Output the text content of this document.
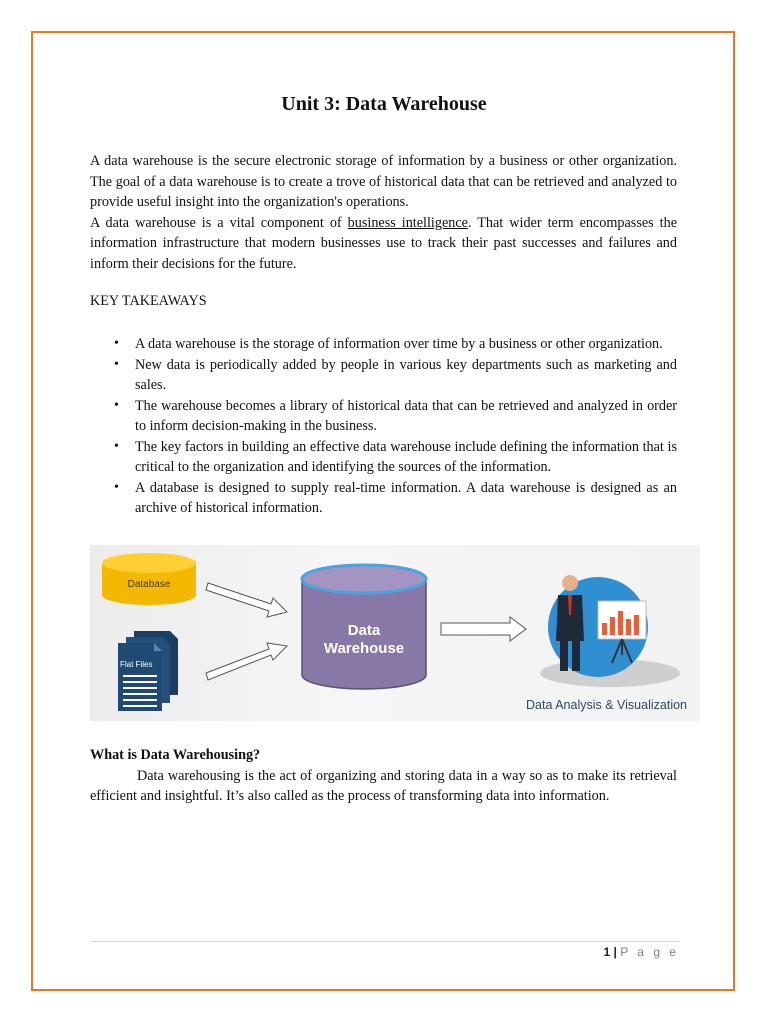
Unit 3: Data Warehouse

A data warehouse is the secure electronic storage of information by a business or other organization. The goal of a data warehouse is to create a trove of historical data that can be retrieved and analyzed to provide useful insight into the organization's operations.

A data warehouse is a vital component of business intelligence. That wider term encompasses the information infrastructure that modern businesses use to track their past successes and failures and inform their decisions for the future.

KEY TAKEAWAYS
• A data warehouse is the storage of information over time by a business or other organization.
• New data is periodically added by people in various key departments such as marketing and sales.
• The warehouse becomes a library of historical data that can be retrieved and analyzed in order to inform decision-making in the business.
• The key factors in building an effective data warehouse include defining the information that is critical to the organization and identifying the sources of the information.
• A database is designed to supply real-time information. A data warehouse is designed as an archive of historical information.
Database
Flat Files
Data
Warehouse
Data Analysis & Visualization
What is Data Warehousing?

Data warehousing is the act of organizing and storing data in a way so as to make its retrieval efficient and insightful. It’s also called as the process of transforming data into information.

1 | P a g e
